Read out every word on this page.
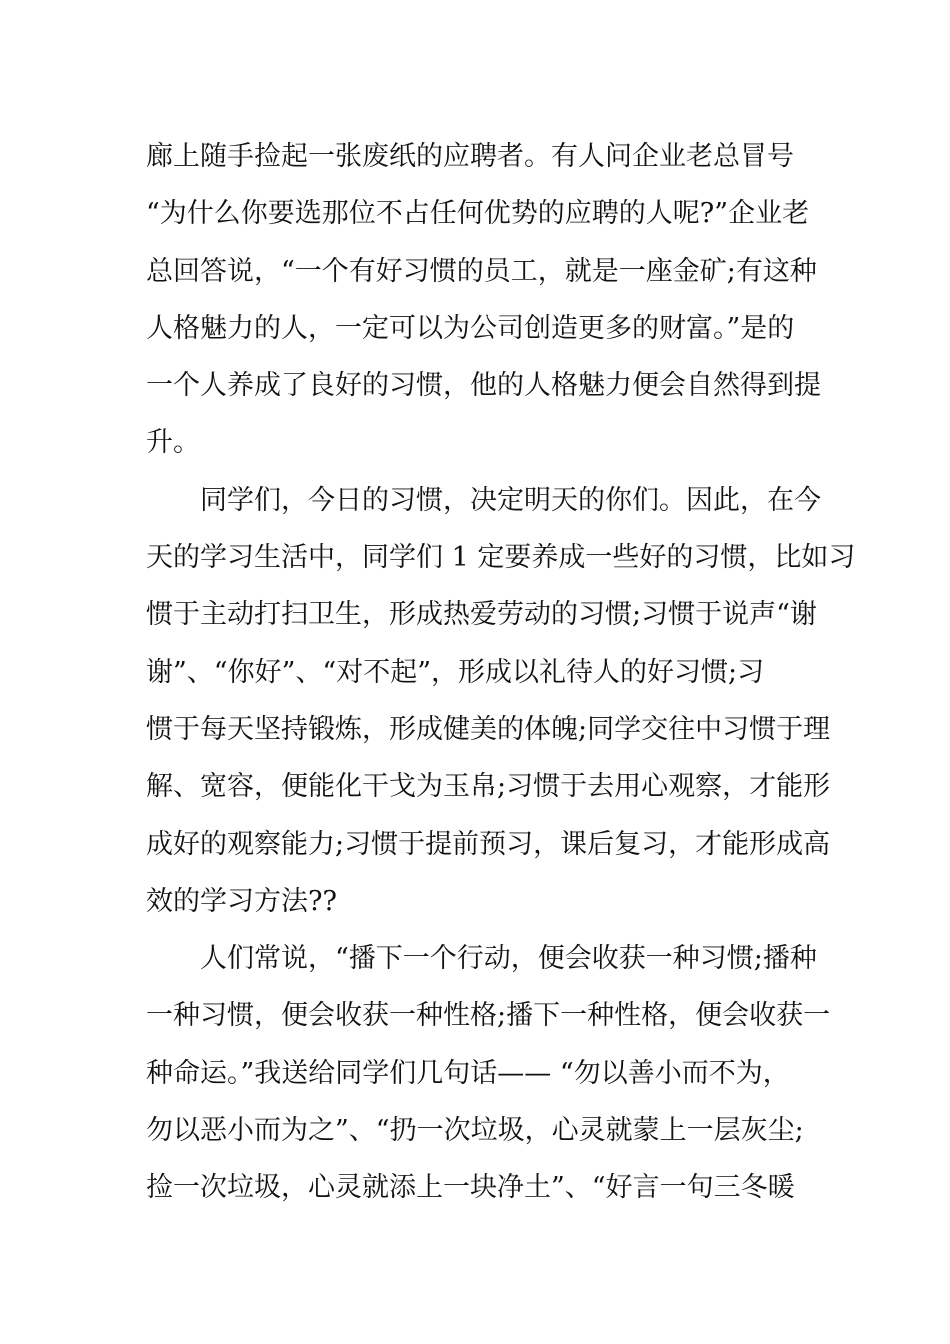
廊上随手捡起一张废纸的应聘者。有人问企业老总冒号
“为什么你要选那位不占任何优势的应聘的人呢?”企业老
总回答说，“一个有好习惯的员工，就是一座金矿;有这种
人格魅力的人，一定可以为公司创造更多的财富。”是的
一个人养成了良好的习惯，他的人格魅力便会自然得到提
升。
同学们，今日的习惯，决定明天的你们。因此，在今
天的学习生活中，同学们 1 定要养成一些好的习惯，比如习
惯于主动打扫卫生，形成热爱劳动的习惯;习惯于说声“谢
谢”、“你好”、“对不起”，形成以礼待人的好习惯;习
惯于每天坚持锻炼，形成健美的体魄;同学交往中习惯于理
解、宽容，便能化干戈为玉帛;习惯于去用心观察，才能形
成好的观察能力;习惯于提前预习，课后复习，才能形成高
效的学习方法??
人们常说，“播下一个行动，便会收获一种习惯;播种
一种习惯，便会收获一种性格;播下一种性格，便会收获一
种命运。”我送给同学们几句话—— “勿以善小而不为，
勿以恶小而为之”、“扔一次垃圾，心灵就蒙上一层灰尘;
捡一次垃圾，心灵就添上一块净土”、“好言一句三冬暖
